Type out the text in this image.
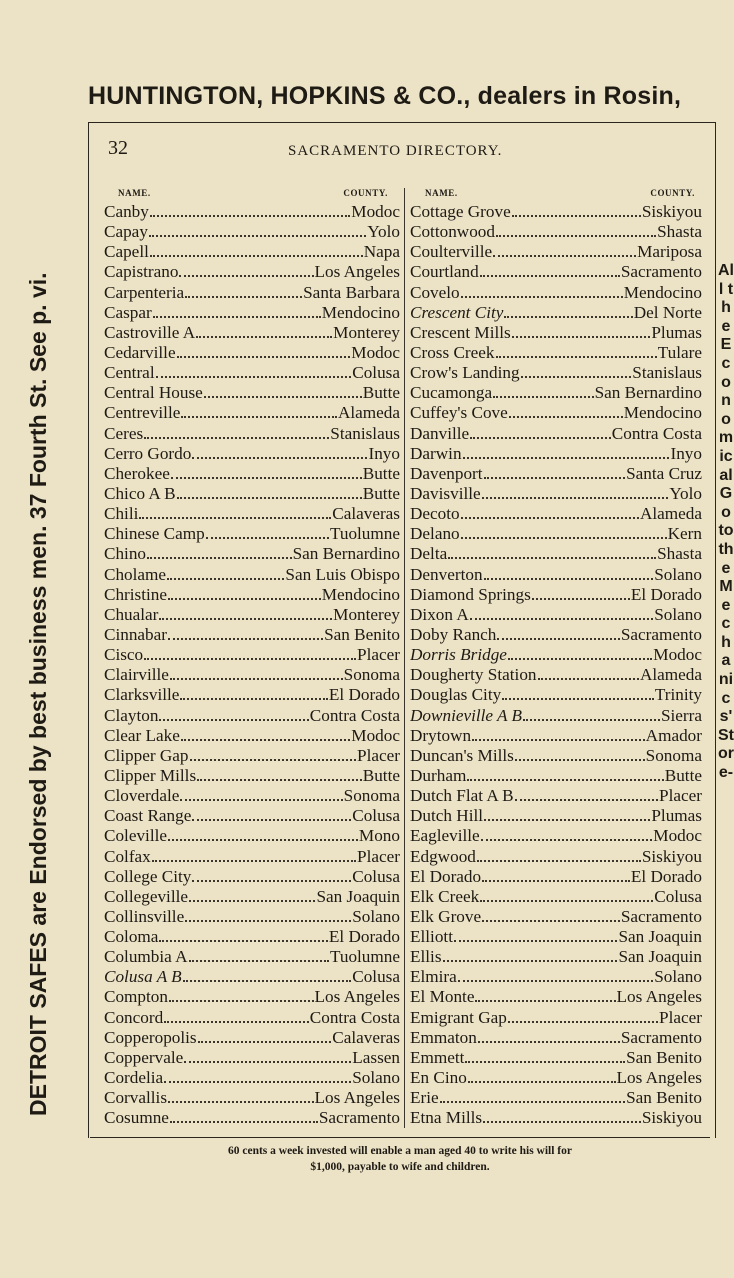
HUNTINGTON, HOPKINS & CO., dealers in Rosin,
DETROIT SAFES are Endorsed by best business men. 37 Fourth St. See p. vi.
All the Economical Go to the Mechanics' Store-
32	SACRAMENTO DIRECTORY.
NAME.	COUNTY.	NAME.	COUNTY.
Canby	Modoc
Capay	Yolo
Capell	Napa
Capistrano	Los Angeles
Carpenteria	Santa Barbara
Caspar	Mendocino
Castroville A	Monterey
Cedarville	Modoc
Central	Colusa
Central House	Butte
Centreville	Alameda
Ceres	Stanislaus
Cerro Gordo	Inyo
Cherokee	Butte
Chico A B	Butte
Chili	Calaveras
Chinese Camp	Tuolumne
Chino	San Bernardino
Cholame	San Luis Obispo
Christine	Mendocino
Chualar	Monterey
Cinnabar	San Benito
Cisco	Placer
Clairville	Sonoma
Clarksville	El Dorado
Clayton	Contra Costa
Clear Lake	Modoc
Clipper Gap	Placer
Clipper Mills	Butte
Cloverdale	Sonoma
Coast Range	Colusa
Coleville	Mono
Colfax	Placer
College City	Colusa
Collegeville	San Joaquin
Collinsville	Solano
Coloma	El Dorado
Columbia A	Tuolumne
Colusa A B	Colusa
Compton	Los Angeles
Concord	Contra Costa
Copperopolis	Calaveras
Coppervale	Lassen
Cordelia	Solano
Corvallis	Los Angeles
Cosumne	Sacramento
Cottage Grove	Siskiyou
Cottonwood	Shasta
Coulterville	Mariposa
Courtland	Sacramento
Covelo	Mendocino
Crescent City	Del Norte
Crescent Mills	Plumas
Cross Creek	Tulare
Crow's Landing	Stanislaus
Cucamonga	San Bernardino
Cuffey's Cove	Mendocino
Danville	Contra Costa
Darwin	Inyo
Davenport	Santa Cruz
Davisville	Yolo
Decoto	Alameda
Delano	Kern
Delta	Shasta
Denverton	Solano
Diamond Springs	El Dorado
Dixon A	Solano
Doby Ranch	Sacramento
Dorris Bridge	Modoc
Dougherty Station	Alameda
Douglas City	Trinity
Downieville A B	Sierra
Drytown	Amador
Duncan's Mills	Sonoma
Durham	Butte
Dutch Flat A B	Placer
Dutch Hill	Plumas
Eagleville	Modoc
Edgwood	Siskiyou
El Dorado	El Dorado
Elk Creek	Colusa
Elk Grove	Sacramento
Elliott	San Joaquin
Ellis	San Joaquin
Elmira	Solano
El Monte	Los Angeles
Emigrant Gap	Placer
Emmaton	Sacramento
Emmett	San Benito
En Cino	Los Angeles
Erie	San Benito
Etna Mills	Siskiyou
60 cents a week invested will enable a man aged 40 to write his will for
$1,000, payable to wife and children.
